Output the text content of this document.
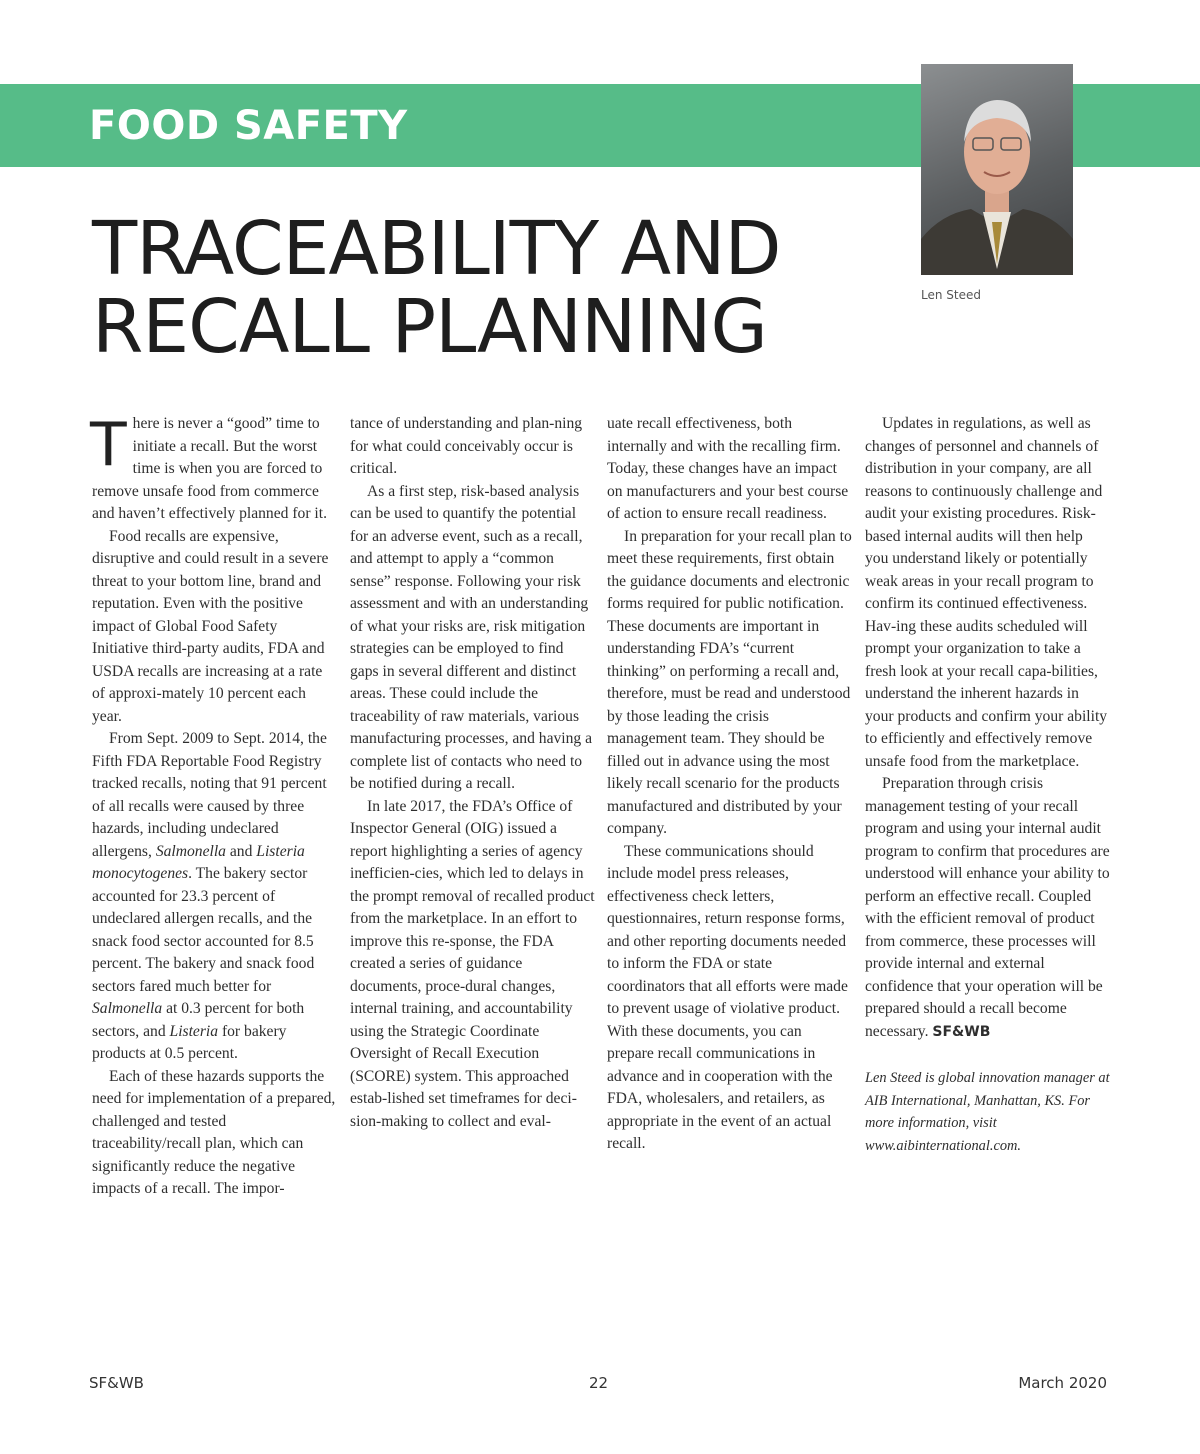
FOOD SAFETY
Len Steed
TRACEABILITY AND
RECALL PLANNING

There is never a “good” time to initiate a recall. But the worst time is when you are forced to remove unsafe food from commerce and haven’t effectively planned for it.

Food recalls are expensive, disruptive and could result in a severe threat to your bottom line, brand and reputation. Even with the positive impact of Global Food Safety Initiative third-party audits, FDA and USDA recalls are increasing at a rate of approxi-mately 10 percent each year.

From Sept. 2009 to Sept. 2014, the Fifth FDA Reportable Food Registry tracked recalls, noting that 91 percent of all recalls were caused by three hazards, including undeclared allergens, Salmonella and Listeria monocytogenes. The bakery sector accounted for 23.3 percent of undeclared allergen recalls, and the snack food sector accounted for 8.5 percent. The bakery and snack food sectors fared much better for Salmonella at 0.3 percent for both sectors, and Listeria for bakery products at 0.5 percent.

Each of these hazards supports the need for implementation of a prepared, challenged and tested traceability/recall plan, which can significantly reduce the negative impacts of a recall. The impor-

tance of understanding and plan-ning for what could conceivably occur is critical.

As a first step, risk-based analysis can be used to quantify the potential for an adverse event, such as a recall, and attempt to apply a “common sense” response. Following your risk assessment and with an understanding of what your risks are, risk mitigation strategies can be employed to find gaps in several different and distinct areas. These could include the traceability of raw materials, various manufacturing processes, and having a complete list of contacts who need to be notified during a recall.

In late 2017, the FDA’s Office of Inspector General (OIG) issued a report highlighting a series of agency inefficien-cies, which led to delays in the prompt removal of recalled product from the marketplace. In an effort to improve this re-sponse, the FDA created a series of guidance documents, proce-dural changes, internal training, and accountability using the Strategic Coordinate Oversight of Recall Execution (SCORE) system. This approached estab-lished set timeframes for deci-sion-making to collect and eval-

uate recall effectiveness, both internally and with the recalling firm. Today, these changes have an impact on manufacturers and your best course of action to ensure recall readiness.

In preparation for your recall plan to meet these requirements, first obtain the guidance documents and electronic forms required for public notification. These documents are important in understanding FDA’s “current thinking” on performing a recall and, therefore, must be read and understood by those leading the crisis management team. They should be filled out in advance using the most likely recall scenario for the products manufactured and distributed by your company.

These communications should include model press releases, effectiveness check letters, questionnaires, return response forms, and other reporting documents needed to inform the FDA or state coordinators that all efforts were made to prevent usage of violative product. With these documents, you can prepare recall communications in advance and in cooperation with the FDA, wholesalers, and retailers, as appropriate in the event of an actual recall.

Updates in regulations, as well as changes of personnel and channels of distribution in your company, are all reasons to continuously challenge and audit your existing procedures. Risk-based internal audits will then help you understand likely or potentially weak areas in your recall program to confirm its continued effectiveness. Hav-ing these audits scheduled will prompt your organization to take a fresh look at your recall capa-bilities, understand the inherent hazards in your products and confirm your ability to efficiently and effectively remove unsafe food from the marketplace.

Preparation through crisis management testing of your recall program and using your internal audit program to confirm that procedures are understood will enhance your ability to perform an effective recall. Coupled with the efficient removal of product from commerce, these processes will provide internal and external confidence that your operation will be prepared should a recall become necessary. SF&WB

Len Steed is global innovation manager at AIB International, Manhattan, KS. For more information, visit www.aibinternational.com.

SF&WB	22	March 2020
